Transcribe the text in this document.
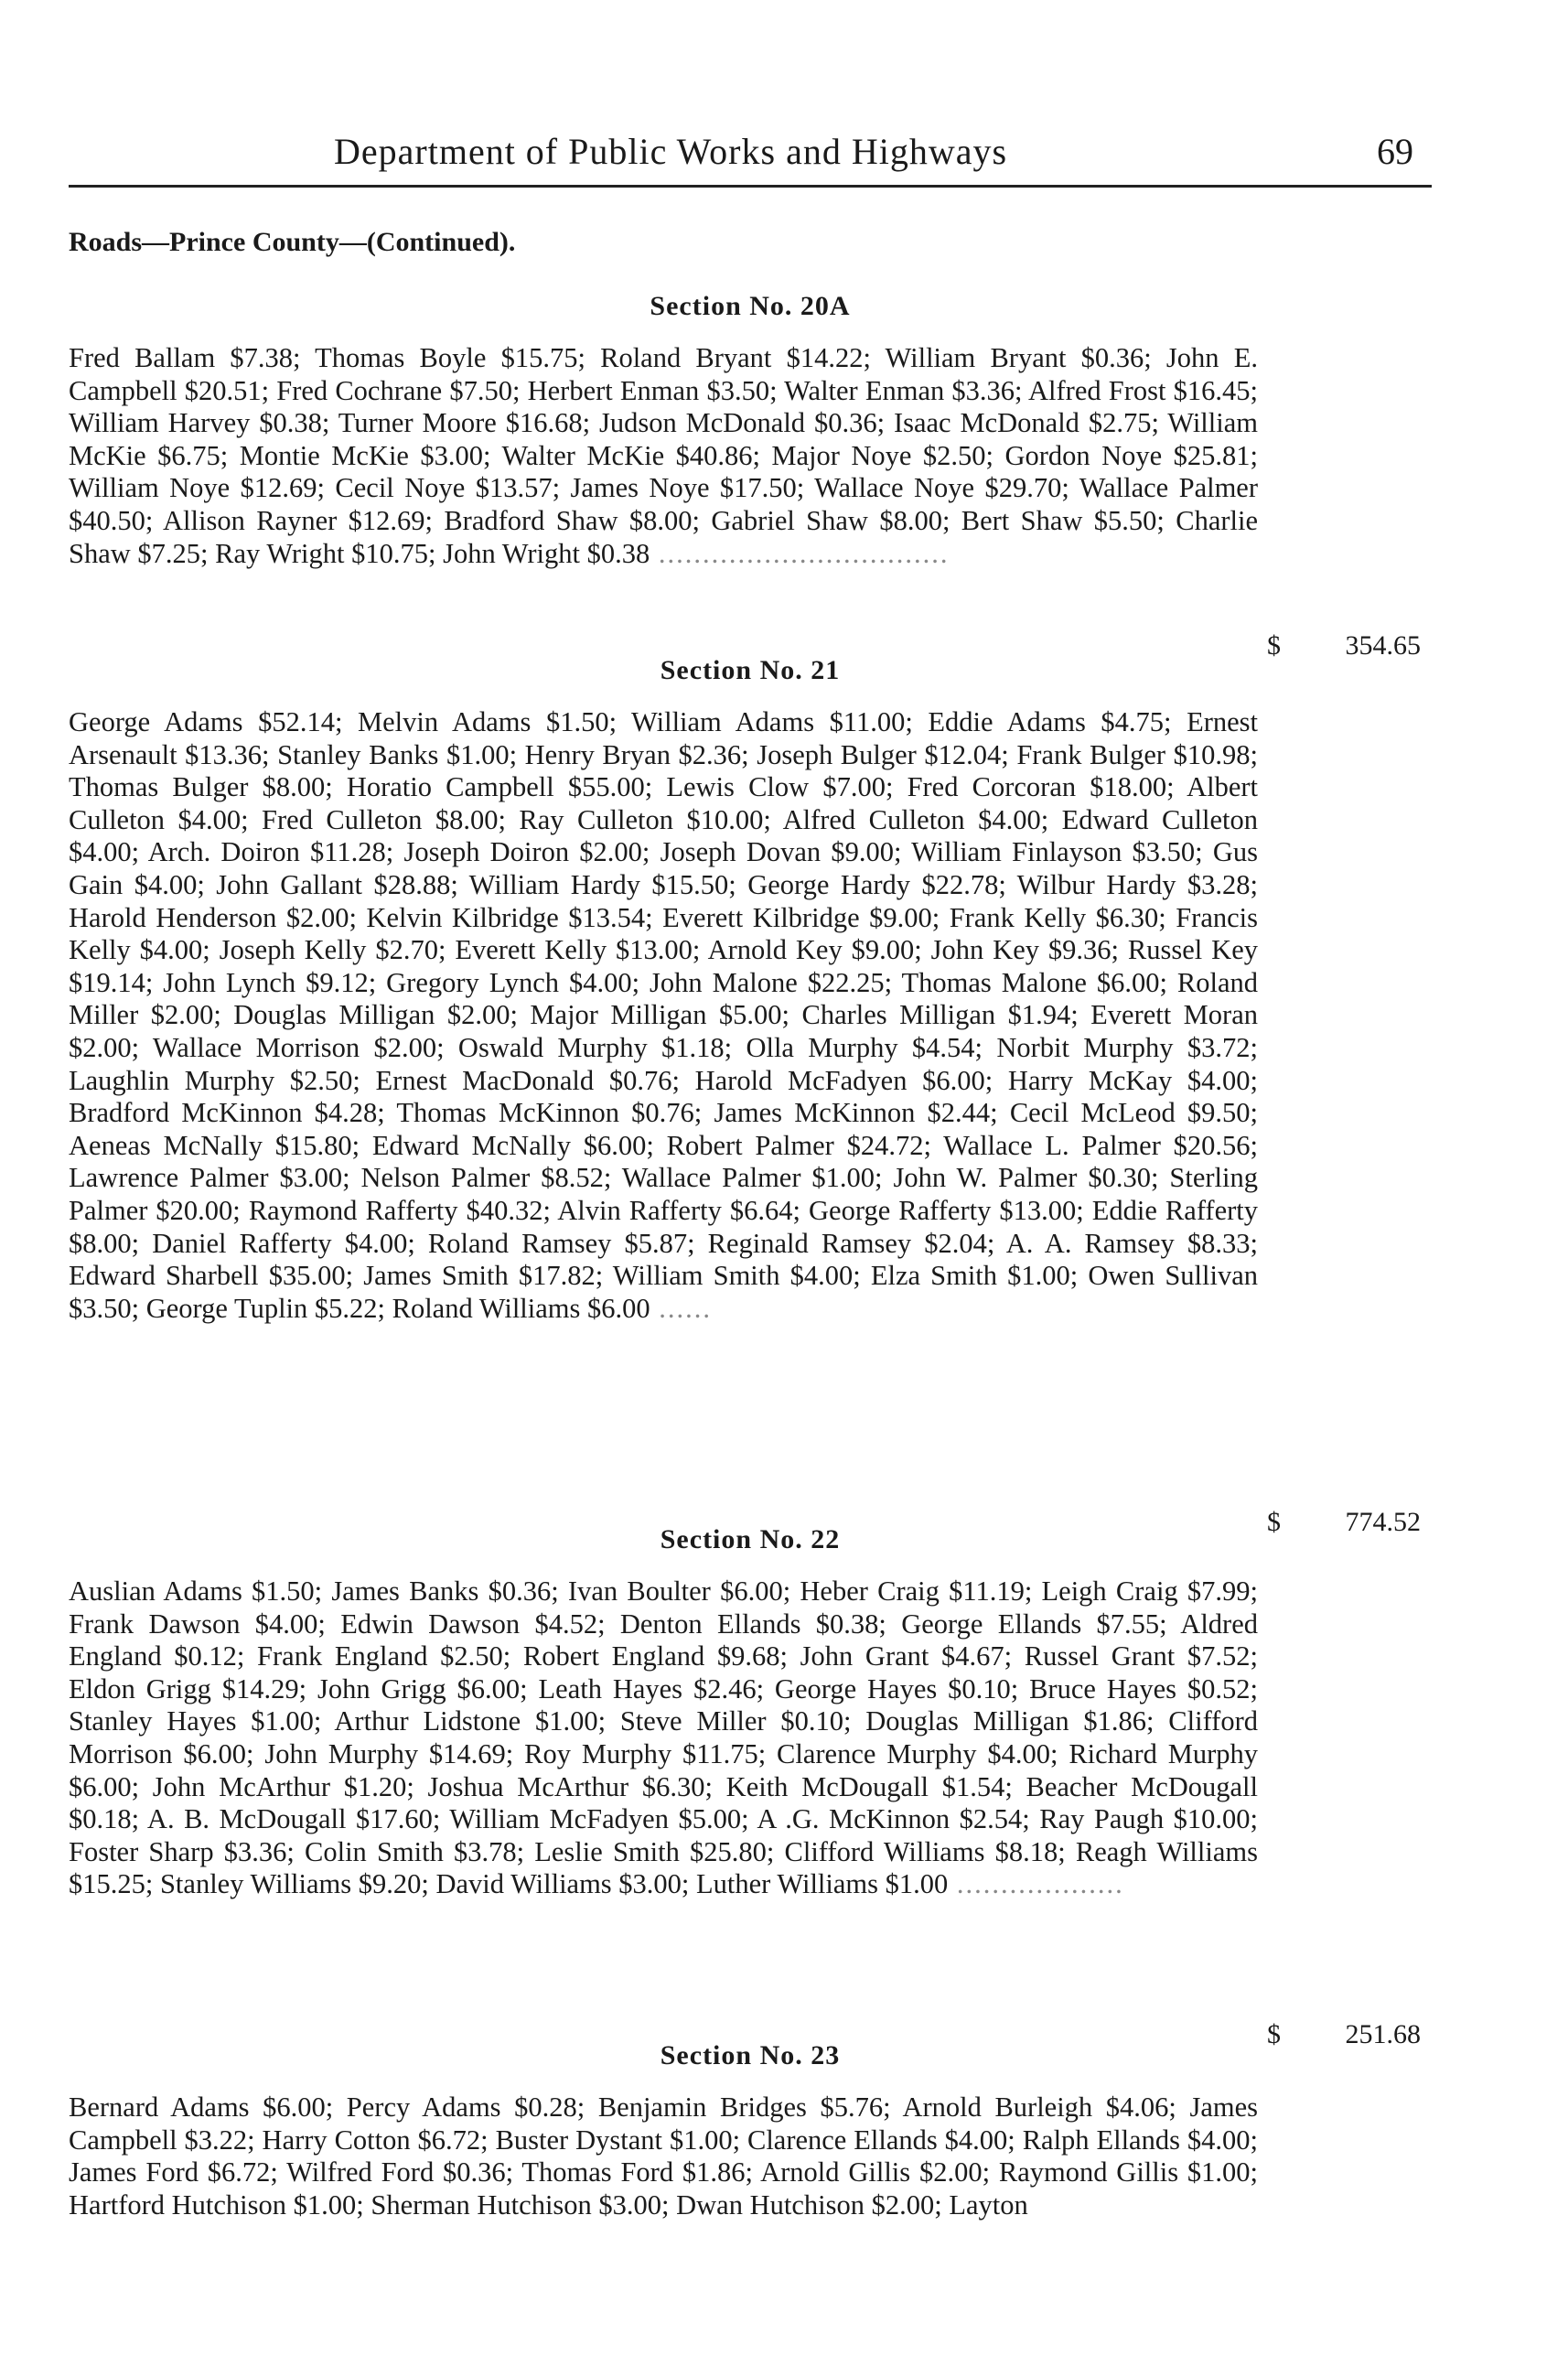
Department of Public Works and Highways	69
Roads—Prince County—(Continued).
Section No. 20A

Fred Ballam $7.38; Thomas Boyle $15.75; Roland Bryant $14.22; William Bryant $0.36; John E. Campbell $20.51; Fred Cochrane $7.50; Herbert Enman $3.50; Walter Enman $3.36; Alfred Frost $16.45; William Harvey $0.38; Turner Moore $16.68; Judson McDonald $0.36; Isaac McDonald $2.75; William McKie $6.75; Montie McKie $3.00; Walter McKie $40.86; Major Noye $2.50; Gordon Noye $25.81; William Noye $12.69; Cecil Noye $13.57; James Noye $17.50; Wallace Noye $29.70; Wallace Palmer $40.50; Allison Rayner $12.69; Bradford Shaw $8.00; Gabriel Shaw $8.00; Bert Shaw $5.50; Charlie Shaw $7.25; Ray Wright $10.75; John Wright $0.38 .................................

$ 354.65
Section No. 21

George Adams $52.14; Melvin Adams $1.50; William Adams $11.00; Eddie Adams $4.75; Ernest Arsenault $13.36; Stanley Banks $1.00; Henry Bryan $2.36; Joseph Bulger $12.04; Frank Bulger $10.98; Thomas Bulger $8.00; Horatio Campbell $55.00; Lewis Clow $7.00; Fred Corcoran $18.00; Albert Culleton $4.00; Fred Culleton $8.00; Ray Culleton $10.00; Alfred Culleton $4.00; Edward Culleton $4.00; Arch. Doiron $11.28; Joseph Doiron $2.00; Joseph Dovan $9.00; William Finlayson $3.50; Gus Gain $4.00; John Gallant $28.88; William Hardy $15.50; George Hardy $22.78; Wilbur Hardy $3.28; Harold Henderson $2.00; Kelvin Kilbridge $13.54; Everett Kilbridge $9.00; Frank Kelly $6.30; Francis Kelly $4.00; Joseph Kelly $2.70; Everett Kelly $13.00; Arnold Key $9.00; John Key $9.36; Russel Key $19.14; John Lynch $9.12; Gregory Lynch $4.00; John Malone $22.25; Thomas Malone $6.00; Roland Miller $2.00; Douglas Milligan $2.00; Major Milligan $5.00; Charles Milligan $1.94; Everett Moran $2.00; Wallace Morrison $2.00; Oswald Murphy $1.18; Olla Murphy $4.54; Norbit Murphy $3.72; Laughlin Murphy $2.50; Ernest MacDonald $0.76; Harold McFadyen $6.00; Harry McKay $4.00; Bradford McKinnon $4.28; Thomas McKinnon $0.76; James McKinnon $2.44; Cecil McLeod $9.50; Aeneas McNally $15.80; Edward McNally $6.00; Robert Palmer $24.72; Wallace L. Palmer $20.56; Lawrence Palmer $3.00; Nelson Palmer $8.52; Wallace Palmer $1.00; John W. Palmer $0.30; Sterling Palmer $20.00; Raymond Rafferty $40.32; Alvin Rafferty $6.64; George Rafferty $13.00; Eddie Rafferty $8.00; Daniel Rafferty $4.00; Roland Ramsey $5.87; Reginald Ramsey $2.04; A. A. Ramsey $8.33; Edward Sharbell $35.00; James Smith $17.82; William Smith $4.00; Elza Smith $1.00; Owen Sullivan $3.50; George Tuplin $5.22; Roland Williams $6.00 ......

$ 774.52
Section No. 22

Auslian Adams $1.50; James Banks $0.36; Ivan Boulter $6.00; Heber Craig $11.19; Leigh Craig $7.99; Frank Dawson $4.00; Edwin Dawson $4.52; Denton Ellands $0.38; George Ellands $7.55; Aldred England $0.12; Frank England $2.50; Robert England $9.68; John Grant $4.67; Russel Grant $7.52; Eldon Grigg $14.29; John Grigg $6.00; Leath Hayes $2.46; George Hayes $0.10; Bruce Hayes $0.52; Stanley Hayes $1.00; Arthur Lidstone $1.00; Steve Miller $0.10; Douglas Milligan $1.86; Clifford Morrison $6.00; John Murphy $14.69; Roy Murphy $11.75; Clarence Murphy $4.00; Richard Murphy $6.00; John McArthur $1.20; Joshua McArthur $6.30; Keith McDougall $1.54; Beacher McDougall $0.18; A. B. McDougall $17.60; William McFadyen $5.00; A .G. McKinnon $2.54; Ray Paugh $10.00; Foster Sharp $3.36; Colin Smith $3.78; Leslie Smith $25.80; Clifford Williams $8.18; Reagh Williams $15.25; Stanley Williams $9.20; David Williams $3.00; Luther Williams $1.00 ...................

$ 251.68
Section No. 23

Bernard Adams $6.00; Percy Adams $0.28; Benjamin Bridges $5.76; Arnold Burleigh $4.06; James Campbell $3.22; Harry Cotton $6.72; Buster Dystant $1.00; Clarence Ellands $4.00; Ralph Ellands $4.00; James Ford $6.72; Wilfred Ford $0.36; Thomas Ford $1.86; Arnold Gillis $2.00; Raymond Gillis $1.00; Hartford Hutchison $1.00; Sherman Hutchison $3.00; Dwan Hutchison $2.00; Layton
